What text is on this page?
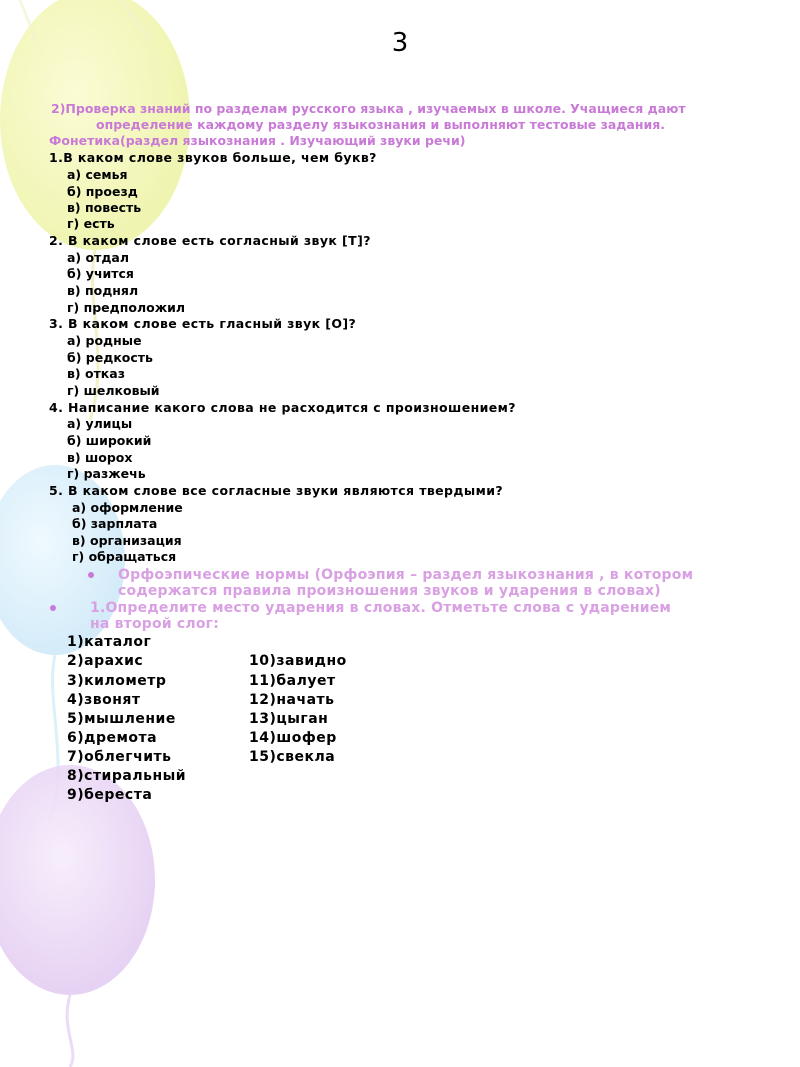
3
2)Проверка знаний по разделам русского языка , изучаемых в школе. Учащиеся дают
определение каждому разделу языкознания и выполняют тестовые задания.
Фонетика(раздел языкознания . Изучающий звуки речи)
1.В каком слове звуков больше, чем букв?
а) семья
б) проезд
в) повесть
г) есть
2. В каком слове есть согласный звук [Т]?
а) отдал
б) учится
в) поднял
г) предположил
3. В каком слове есть гласный звук [О]?
а) родные
б) редкость
в) отказ
г) шелковый
4. Написание какого слова не расходится с произношением?
а) улицы
б) широкий
в) шорох
г) разжечь
5. В каком слове все согласные звуки являются твердыми?
а) оформление
б) зарплата
в) организация
г) обращаться
Орфоэпические нормы (Орфоэпия – раздел языкознания , в котором
содержатся правила произношения звуков и ударения в словах)
1.Определите место ударения в словах. Отметьте слова с ударением
на второй слог:
1)каталог
2)арахис
3)километр
4)звонят
5)мышление
6)дремота
7)облегчить
8)стиральный
9)береста
10)завидно
11)балует
12)начать
13)цыган
14)шофер
15)свекла
